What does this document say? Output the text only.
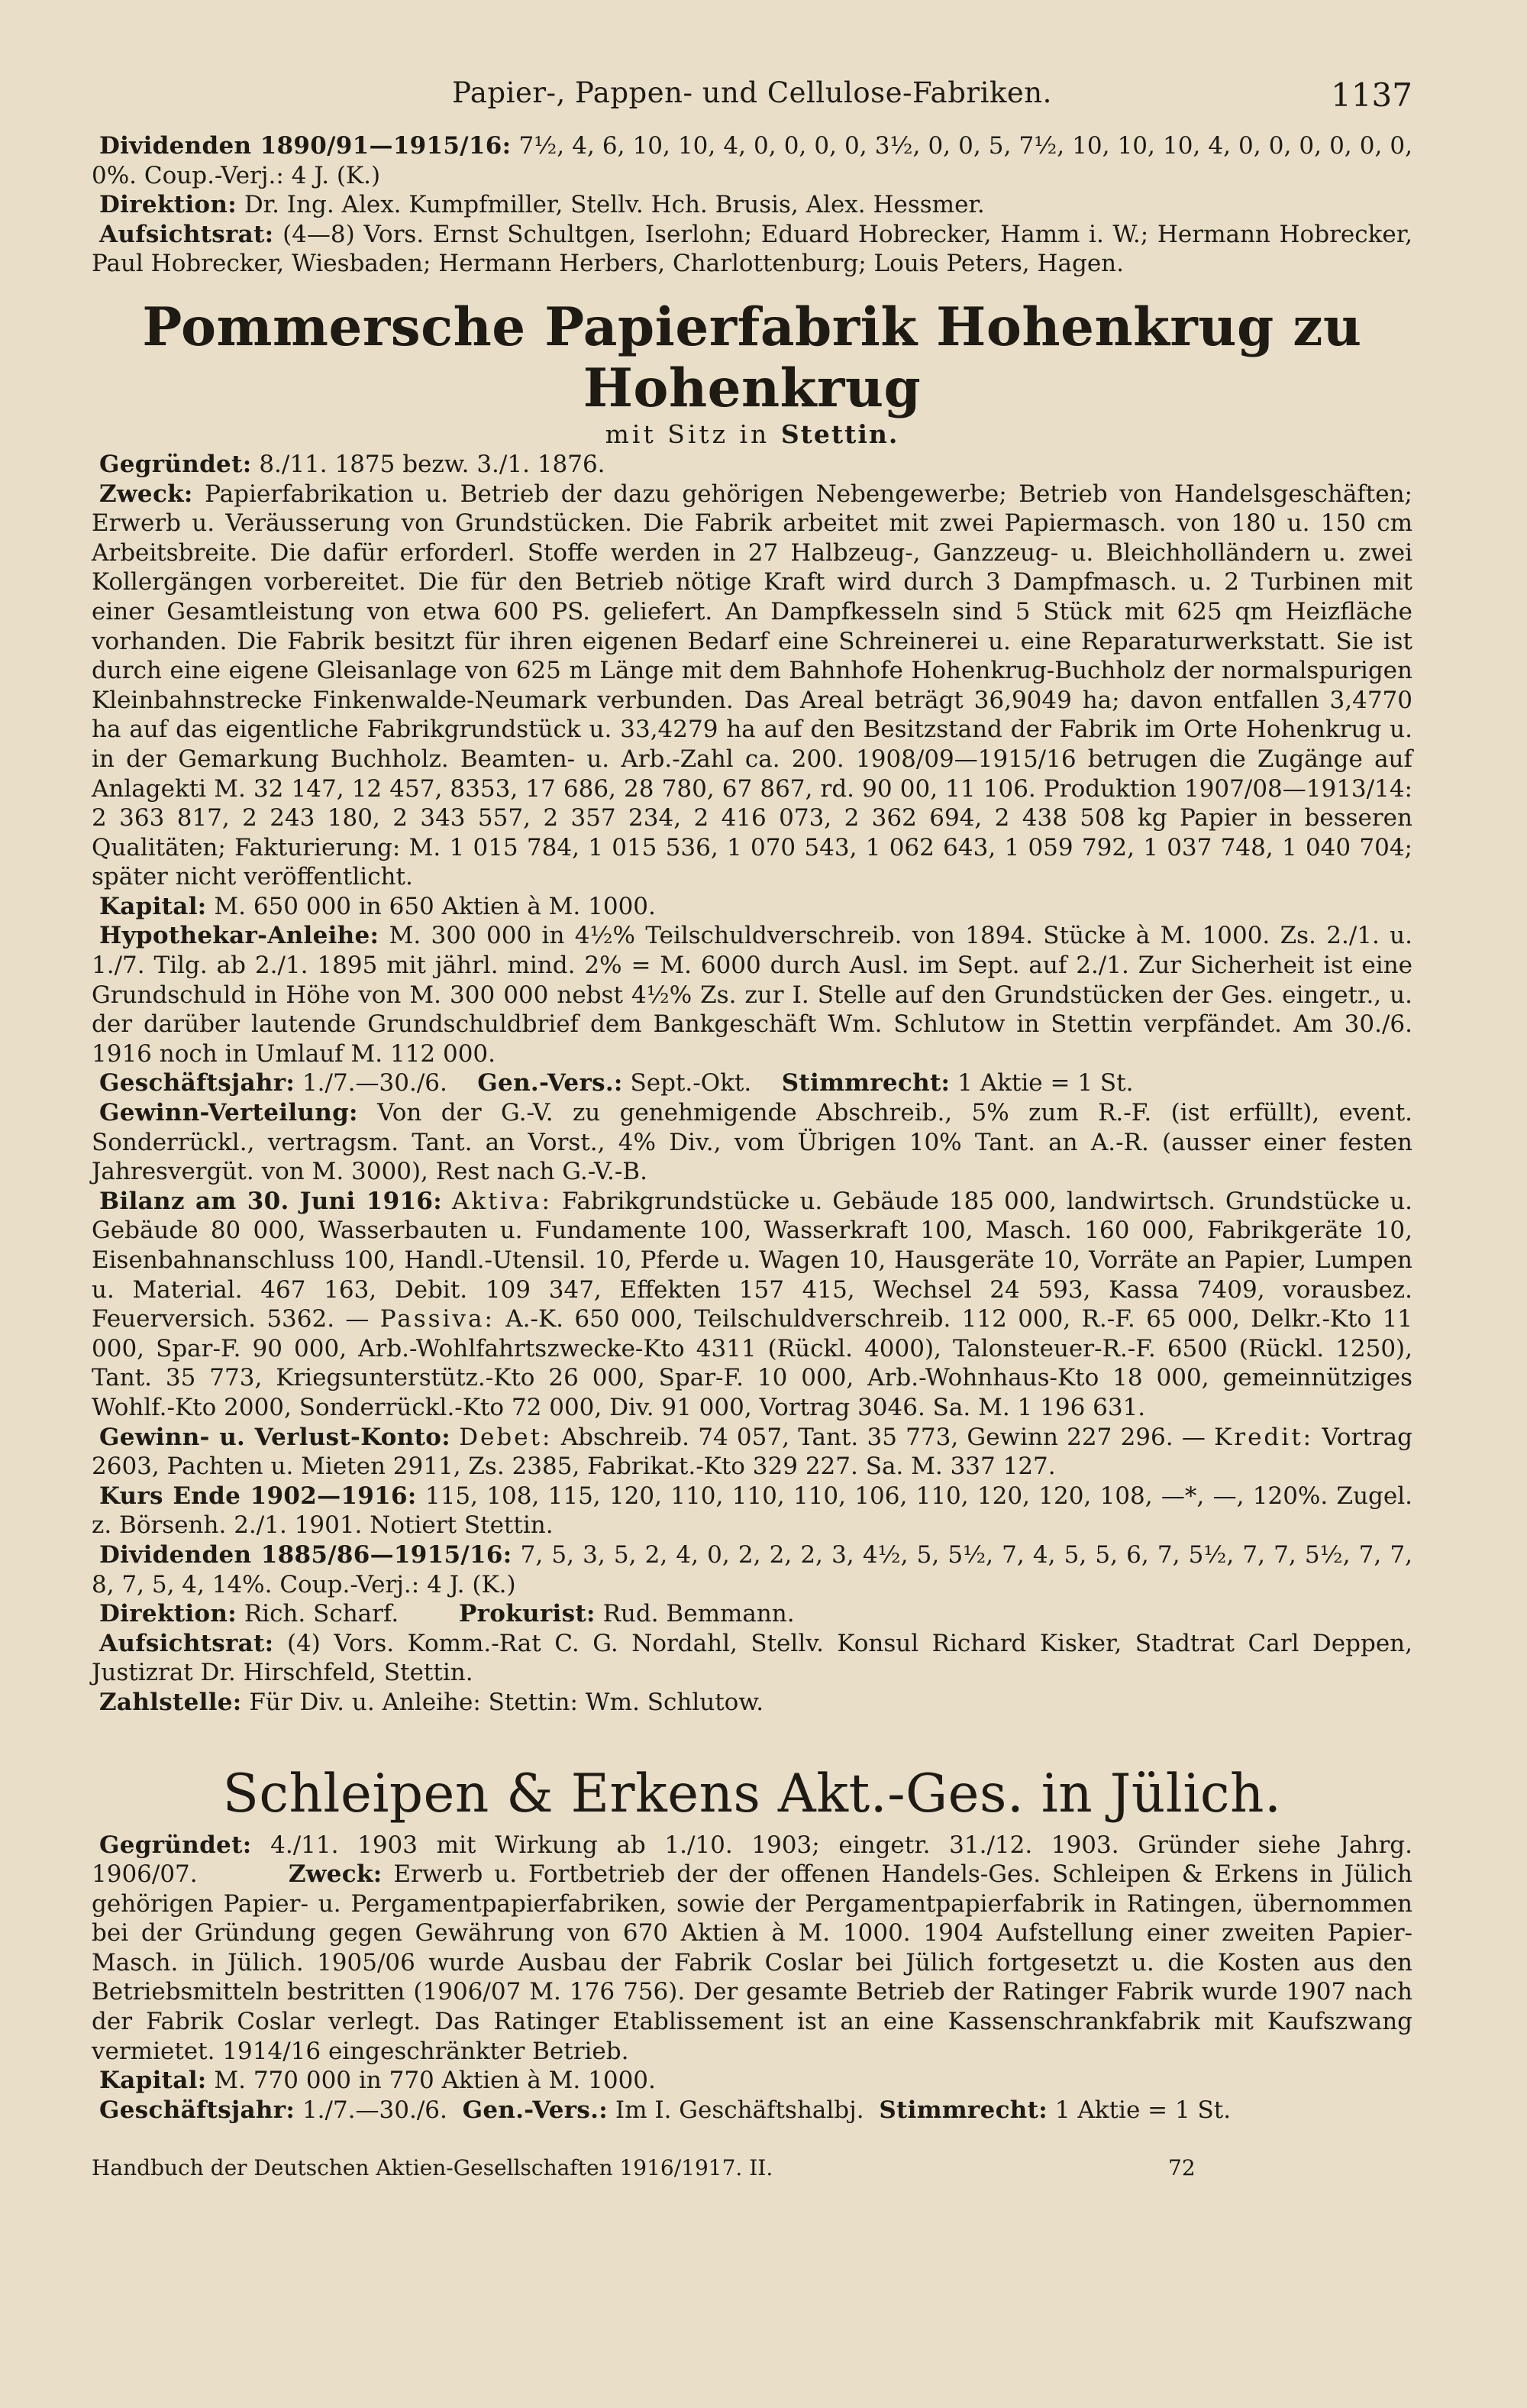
Papier-, Pappen- und Cellulose-Fabriken.	1137

Dividenden 1890/91—1915/16: 7½, 4, 6, 10, 10, 4, 0, 0, 0, 0, 3½, 0, 0, 5, 7½, 10, 10, 10, 4, 0, 0, 0, 0, 0, 0, 0%. Coup.-Verj.: 4 J. (K.)

Direktion: Dr. Ing. Alex. Kumpfmiller, Stellv. Hch. Brusis, Alex. Hessmer.

Aufsichtsrat: (4—8) Vors. Ernst Schultgen, Iserlohn; Eduard Hobrecker, Hamm i. W.; Hermann Hobrecker, Paul Hobrecker, Wiesbaden; Hermann Herbers, Charlottenburg; Louis Peters, Hagen.

Pommersche Papierfabrik Hohenkrug zu Hohenkrug
mit Sitz in Stettin.

Gegründet: 8./11. 1875 bezw. 3./1. 1876.

Zweck: Papierfabrikation u. Betrieb der dazu gehörigen Nebengewerbe; Betrieb von Handelsgeschäften; Erwerb u. Veräusserung von Grundstücken. Die Fabrik arbeitet mit zwei Papiermasch. von 180 u. 150 cm Arbeitsbreite. Die dafür erforderl. Stoffe werden in 27 Halbzeug-, Ganzzeug- u. Bleichholländern u. zwei Kollergängen vorbereitet. Die für den Betrieb nötige Kraft wird durch 3 Dampfmasch. u. 2 Turbinen mit einer Gesamtleistung von etwa 600 PS. geliefert. An Dampfkesseln sind 5 Stück mit 625 qm Heizfläche vorhanden. Die Fabrik besitzt für ihren eigenen Bedarf eine Schreinerei u. eine Reparaturwerkstatt. Sie ist durch eine eigene Gleisanlage von 625 m Länge mit dem Bahnhofe Hohenkrug-Buchholz der normalspurigen Kleinbahnstrecke Finkenwalde-Neumark verbunden. Das Areal beträgt 36,9049 ha; davon entfallen 3,4770 ha auf das eigentliche Fabrikgrundstück u. 33,4279 ha auf den Besitzstand der Fabrik im Orte Hohenkrug u. in der Gemarkung Buchholz. Beamten- u. Arb.-Zahl ca. 200. 1908/09—1915/16 betrugen die Zugänge auf Anlagekti M. 32 147, 12 457, 8353, 17 686, 28 780, 67 867, rd. 90 00, 11 106. Produktion 1907/08—1913/14: 2 363 817, 2 243 180, 2 343 557, 2 357 234, 2 416 073, 2 362 694, 2 438 508 kg Papier in besseren Qualitäten; Fakturierung: M. 1 015 784, 1 015 536, 1 070 543, 1 062 643, 1 059 792, 1 037 748, 1 040 704; später nicht veröffentlicht.

Kapital: M. 650 000 in 650 Aktien à M. 1000.

Hypothekar-Anleihe: M. 300 000 in 4½% Teilschuldverschreib. von 1894. Stücke à M. 1000. Zs. 2./1. u. 1./7. Tilg. ab 2./1. 1895 mit jährl. mind. 2% = M. 6000 durch Ausl. im Sept. auf 2./1. Zur Sicherheit ist eine Grundschuld in Höhe von M. 300 000 nebst 4½% Zs. zur I. Stelle auf den Grundstücken der Ges. eingetr., u. der darüber lautende Grundschuldbrief dem Bankgeschäft Wm. Schlutow in Stettin verpfändet. Am 30./6. 1916 noch in Umlauf M. 112 000.

Geschäftsjahr: 1./7.—30./6. Gen.-Vers.: Sept.-Okt. Stimmrecht: 1 Aktie = 1 St.

Gewinn-Verteilung: Von der G.-V. zu genehmigende Abschreib., 5% zum R.-F. (ist erfüllt), event. Sonderrückl., vertragsm. Tant. an Vorst., 4% Div., vom Übrigen 10% Tant. an A.-R. (ausser einer festen Jahresvergüt. von M. 3000), Rest nach G.-V.-B.

Bilanz am 30. Juni 1916: Aktiva: Fabrikgrundstücke u. Gebäude 185 000, landwirtsch. Grundstücke u. Gebäude 80 000, Wasserbauten u. Fundamente 100, Wasserkraft 100, Masch. 160 000, Fabrikgeräte 10, Eisenbahnanschluss 100, Handl.-Utensil. 10, Pferde u. Wagen 10, Hausgeräte 10, Vorräte an Papier, Lumpen u. Material. 467 163, Debit. 109 347, Effekten 157 415, Wechsel 24 593, Kassa 7409, vorausbez. Feuerversich. 5362. — Passiva: A.-K. 650 000, Teilschuldverschreib. 112 000, R.-F. 65 000, Delkr.-Kto 11 000, Spar-F. 90 000, Arb.-Wohlfahrtszwecke-Kto 4311 (Rückl. 4000), Talonsteuer-R.-F. 6500 (Rückl. 1250), Tant. 35 773, Kriegsunterstütz.-Kto 26 000, Spar-F. 10 000, Arb.-Wohnhaus-Kto 18 000, gemeinnütziges Wohlf.-Kto 2000, Sonderrückl.-Kto 72 000, Div. 91 000, Vortrag 3046. Sa. M. 1 196 631.

Gewinn- u. Verlust-Konto: Debet: Abschreib. 74 057, Tant. 35 773, Gewinn 227 296. — Kredit: Vortrag 2603, Pachten u. Mieten 2911, Zs. 2385, Fabrikat.-Kto 329 227. Sa. M. 337 127.

Kurs Ende 1902—1916: 115, 108, 115, 120, 110, 110, 110, 106, 110, 120, 120, 108, —*, —, 120%. Zugel. z. Börsenh. 2./1. 1901. Notiert Stettin.

Dividenden 1885/86—1915/16: 7, 5, 3, 5, 2, 4, 0, 2, 2, 2, 3, 4½, 5, 5½, 7, 4, 5, 5, 6, 7, 5½, 7, 7, 5½, 7, 7, 8, 7, 5, 4, 14%. Coup.-Verj.: 4 J. (K.)

Direktion: Rich. Scharf.	Prokurist: Rud. Bemmann.

Aufsichtsrat: (4) Vors. Komm.-Rat C. G. Nordahl, Stellv. Konsul Richard Kisker, Stadtrat Carl Deppen, Justizrat Dr. Hirschfeld, Stettin.

Zahlstelle: Für Div. u. Anleihe: Stettin: Wm. Schlutow.

Schleipen & Erkens Akt.-Ges. in Jülich.

Gegründet: 4./11. 1903 mit Wirkung ab 1./10. 1903; eingetr. 31./12. 1903. Gründer siehe Jahrg. 1906/07.	Zweck: Erwerb u. Fortbetrieb der der offenen Handels-Ges. Schleipen & Erkens in Jülich gehörigen Papier- u. Pergamentpapierfabriken, sowie der Pergamentpapierfabrik in Ratingen, übernommen bei der Gründung gegen Gewährung von 670 Aktien à M. 1000. 1904 Aufstellung einer zweiten Papier-Masch. in Jülich. 1905/06 wurde Ausbau der Fabrik Coslar bei Jülich fortgesetzt u. die Kosten aus den Betriebsmitteln bestritten (1906/07 M. 176 756). Der gesamte Betrieb der Ratinger Fabrik wurde 1907 nach der Fabrik Coslar verlegt. Das Ratinger Etablissement ist an eine Kassenschrankfabrik mit Kaufszwang vermietet. 1914/16 eingeschränkter Betrieb.

Kapital: M. 770 000 in 770 Aktien à M. 1000.

Geschäftsjahr: 1./7.—30./6. Gen.-Vers.: Im I. Geschäftshalbj. Stimmrecht: 1 Aktie = 1 St.

Handbuch der Deutschen Aktien-Gesellschaften 1916/1917. II.	72
